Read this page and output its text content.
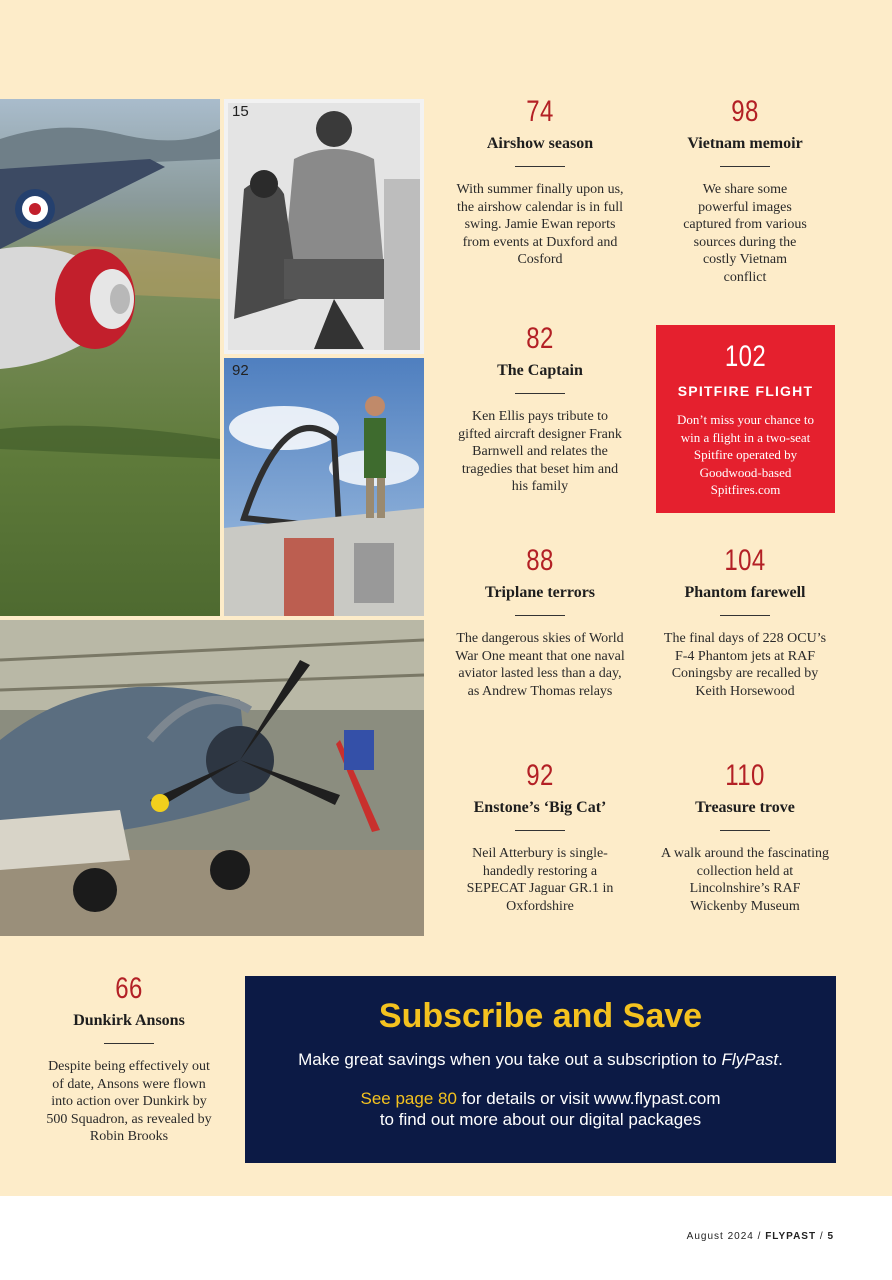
15
92
74
Airshow season
With summer finally upon us, the airshow calendar is in full swing. Jamie Ewan reports from events at Duxford and Cosford
98
Vietnam memoir
We share some powerful images captured from various sources during the costly Vietnam conflict
82
The Captain
Ken Ellis pays tribute to gifted aircraft designer Frank Barnwell and relates the tragedies that beset him and his family
102
SPITFIRE FLIGHT
Don’t miss your chance to win a flight in a two-seat Spitfire operated by Goodwood-based Spitfires.com
88
Triplane terrors
The dangerous skies of World War One meant that one naval aviator lasted less than a day, as Andrew Thomas relays
104
Phantom farewell
The final days of 228 OCU’s F-4 Phantom jets at RAF Coningsby are recalled by Keith Horsewood
92
Enstone’s ‘Big Cat’
Neil Atterbury is single-handedly restoring a SEPECAT Jaguar GR.1 in Oxfordshire
110
Treasure trove
A walk around the fascinating collection held at Lincolnshire’s RAF Wickenby Museum
66
Dunkirk Ansons
Despite being effectively out of date, Ansons were flown into action over Dunkirk by 500 Squadron, as revealed by Robin Brooks
Subscribe and Save
Make great savings when you take out a subscription to FlyPast.
See page 80 for details or visit www.flypast.com
to find out more about our digital packages
August 2024 / FLYPAST / 5
